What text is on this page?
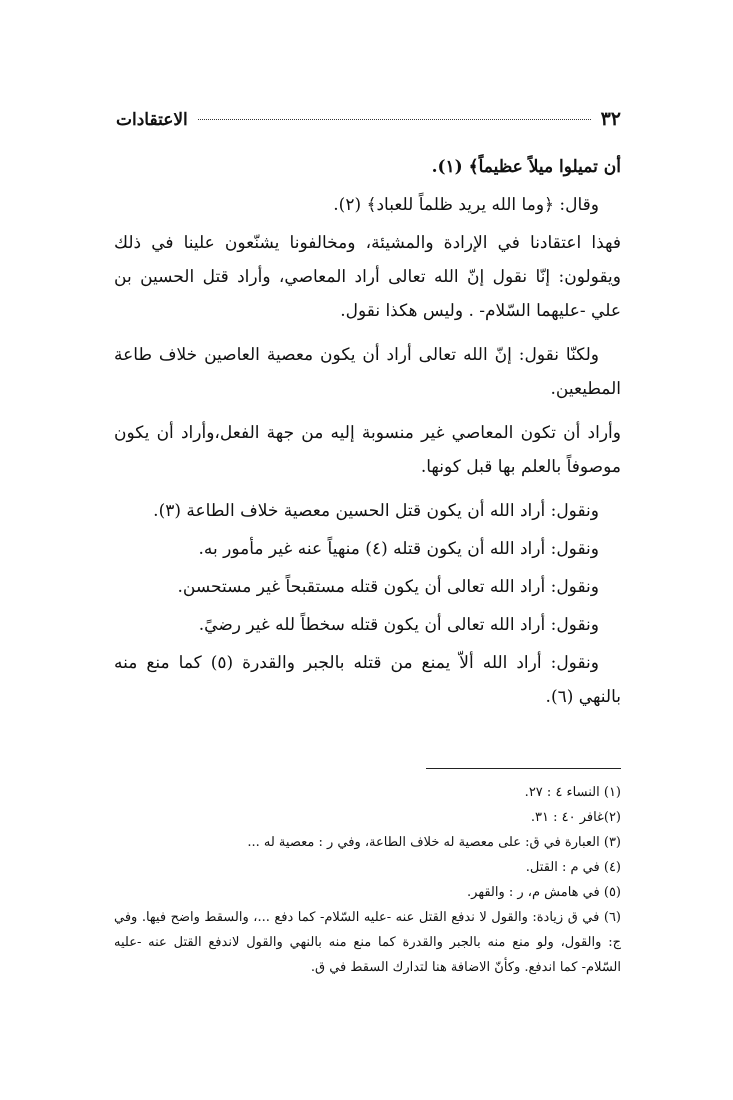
٣٢
الاعتقادات

أن تميلوا ميلاً عظيماً﴾ (١).

وقال: ﴿وما الله يريد ظلماً للعباد﴾ (٢).

فهذا اعتقادنا في الإرادة والمشيئة، ومخالفونا يشنّعون علينا في ذلك ويقولون: إنّا نقول إنّ الله تعالى أراد المعاصي، وأراد قتل الحسين بن علي -عليهما السّلام- . وليس هكذا نقول.

ولكنّا نقول: إنّ الله تعالى أراد أن يكون معصية العاصين خلاف طاعة المطيعين.

وأراد أن تكون المعاصي غير منسوبة إليه من جهة الفعل،وأراد أن يكون موصوفاً بالعلم بها قبل كونها.

ونقول: أراد الله أن يكون قتل الحسين معصية خلاف الطاعة (٣).

ونقول: أراد الله أن يكون قتله (٤) منهياً عنه غير مأمور به.

ونقول: أراد الله تعالى أن يكون قتله مستقبحاً غير مستحسن.

ونقول: أراد الله تعالى أن يكون قتله سخطاً لله غير رضيً.

ونقول: أراد الله ألاّ يمنع من قتله بالجبر والقدرة (٥) كما منع منه بالنهي (٦).

(١) النساء ٤ : ٢٧.

(٢)غافر ٤٠ : ٣١.

(٣) العبارة في ق: على معصية له خلاف الطاعة، وفي ر : معصية له ...

(٤) في م : القتل.

(٥) في هامش م، ر : والقهر.

(٦) في ق زيادة: والقول لا ندفع القتل عنه -عليه السّلام- كما دفع ...، والسقط واضح فيها. وفي ج: والقول، ولو منع منه بالجبر والقدرة كما منع منه بالنهي والقول لاندفع القتل عنه -عليه السّلام- كما اندفع. وكأنّ الاضافة هنا لتدارك السقط في ق.
